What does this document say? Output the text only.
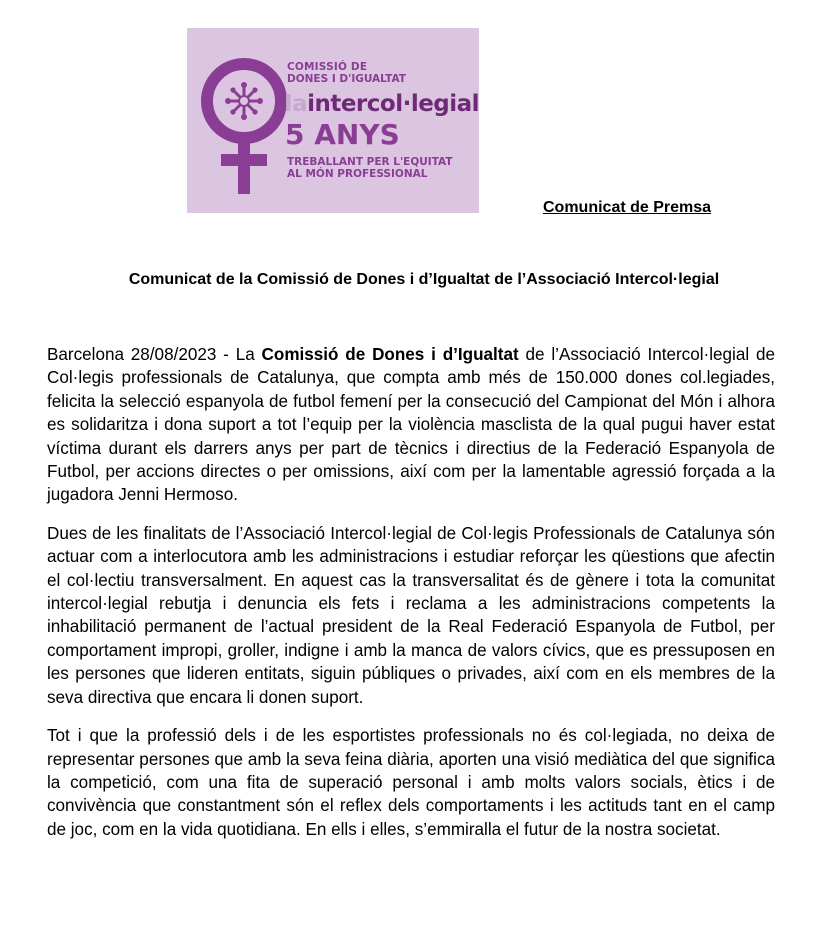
COMISSIÓ DE
DONES I D'IGUALTAT
Iaintercol·legial
5 ANYS
TREBALLANT PER L'EQUITAT
AL MÓN PROFESSIONAL
Comunicat de Premsa
Comunicat de la Comissió de Dones i d’Igualtat de l’Associació Intercol·legial

Barcelona 28/08/2023 - La Comissió de Dones i d’Igualtat de l’Associació Intercol·legial de Col·legis professionals de Catalunya, que compta amb més de 150.000 dones col.legiades, felicita la selecció espanyola de futbol femení per la consecució del Campionat del Món i alhora es solidaritza i dona suport a tot l’equip per la violència masclista de la qual pugui haver estat víctima durant els darrers anys per part de tècnics i directius de la Federació Espanyola de Futbol, per accions directes o per omissions, així com per la lamentable agressió forçada a la jugadora Jenni Hermoso.

Dues de les finalitats de l’Associació Intercol·legial de Col·legis Professionals de Catalunya són actuar com a interlocutora amb les administracions i estudiar reforçar les qüestions que afectin el col·lectiu transversalment. En aquest cas la transversalitat és de gènere i tota la comunitat intercol·legial rebutja i denuncia els fets i reclama a les administracions competents la inhabilitació permanent de l’actual president de la Real Federació Espanyola de Futbol, per comportament impropi, groller, indigne i amb la manca de valors cívics, que es pressuposen en les persones que lideren entitats, siguin públiques o privades, així com en els membres de la seva directiva que encara li donen suport.

Tot i que la professió dels i de les esportistes professionals no és col·legiada, no deixa de representar persones que amb la seva feina diària, aporten una visió mediàtica del que significa la competició, com una fita de superació personal i amb molts valors socials, ètics i de convivència que constantment són el reflex dels comportaments i les actituds tant en el camp de joc, com en la vida quotidiana. En ells i elles, s’emmiralla el futur de la nostra societat.
